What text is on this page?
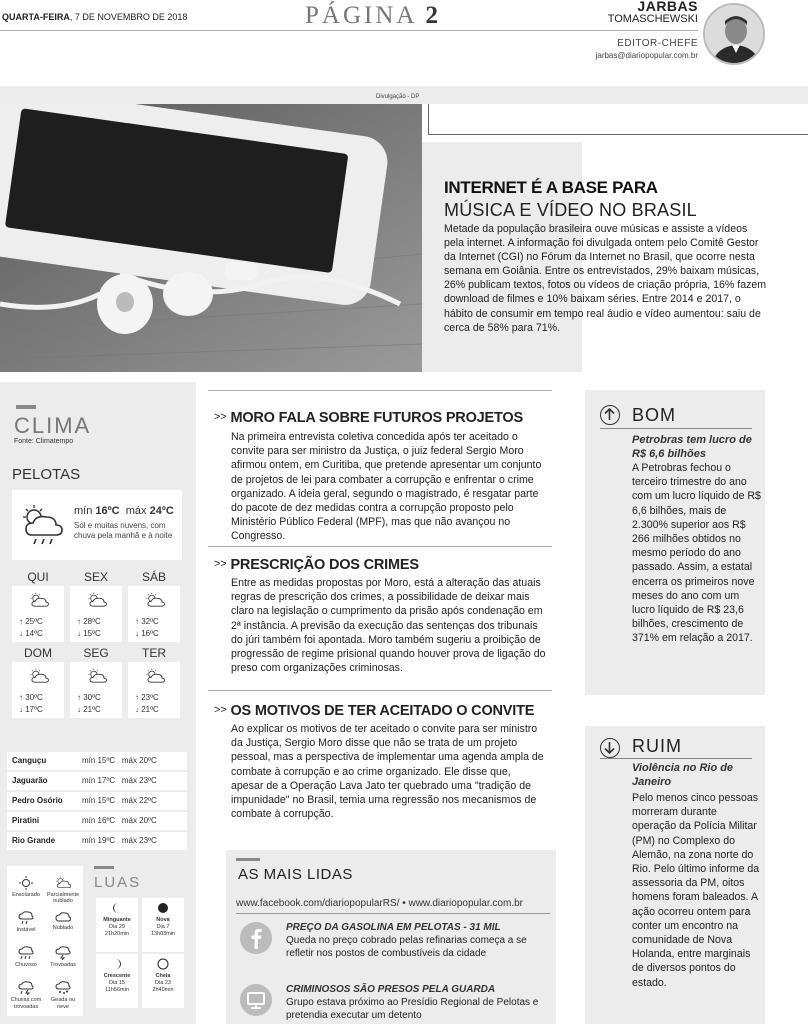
QUARTA-FEIRA, 7 DE NOVEMBRO DE 2018	PÁGINA 2	JARBAS
TOMASCHEWSKI
EDITOR-CHEFE
jarbas@diariopopular.com.br
Divulgação - DP
INTERNET É A BASE PARA
MÚSICA E VÍDEO NO BRASIL
Metade da população brasileira ouve músicas e assiste a vídeos pela internet. A informação foi divulgada ontem pelo Comitê Gestor da Internet (CGI) no Fórum da Internet no Brasil, que ocorre nesta semana em Goiânia. Entre os entrevistados, 29% baixam músicas, 26% publicam textos, fotos ou vídeos de criação própria, 16% fazem download de filmes e 10% baixam séries. Entre 2014 e 2017, o hábito de consumir em tempo real áudio e vídeo aumentou: saiu de cerca de 58% para 71%.
CLIMA
Fonte: Climatempo
PELOTAS
mín 16ºC máx 24ºC
Sol e muitas nuvens, com chuva pela manhã e à noite
QUI
↑ 25ºC
↓ 14ºC
SEX
↑ 28ºC
↓ 15ºC
SÁB
↑ 32ºC
↓ 16ºC
DOM
↑ 30ºC
↓ 17ºC
SEG
↑ 30ºC
↓ 21ºC
TER
↑ 23ºC
↓ 21ºC
Canguçu	mín 15ºC   máx 20ºC
Jaguarão	mín 17ºC   máx 23ºC
Pedro Osório mín 15ºC   máx 22ºC
Piratini	mín 16ºC   máx 20ºC
Rio Grande	mín 19ºC   máx 23ºC
Ensolarado	Parcialmente nublado
Instável	Nublado
Chuvoso	Trovoadas
Chuvas com trovoadas
Geada ou neve
LUAS
Minguante
Dia 29
21h20min
Nova
Dia 7
13h03min
Crescente
Dia 15
11h56min
Cheia
Dia 23
2h40min
>> MORO FALA SOBRE FUTUROS PROJETOS
Na primeira entrevista coletiva concedida após ter aceitado o convite para ser ministro da Justiça, o juiz federal Sergio Moro afirmou ontem, em Curitiba, que pretende apresentar um conjunto de projetos de lei para combater a corrupção e enfrentar o crime organizado. A ideia geral, segundo o magistrado, é resgatar parte do pacote de dez medidas contra a corrupção proposto pelo Ministério Público Federal (MPF), mas que não avançou no Congresso.
>> PRESCRIÇÃO DOS CRIMES
Entre as medidas propostas por Moro, está a alteração das atuais regras de prescrição dos crimes, a possibilidade de deixar mais claro na legislação o cumprimento da prisão após condenação em 2ª instância. A previsão da execução das sentenças dos tribunais do júri também foi apontada. Moro também sugeriu a proibição de progressão de regime prisional quando houver prova de ligação do preso com organizações criminosas.
>> OS MOTIVOS DE TER ACEITADO O CONVITE
Ao explicar os motivos de ter aceitado o convite para ser ministro da Justiça, Sergio Moro disse que não se trata de um projeto pessoal, mas a perspectiva de implementar uma agenda ampla de combate à corrupção e ao crime organizado. Ele disse que, apesar de a Operação Lava Jato ter quebrado uma "tradição de impunidade" no Brasil, temia uma regressão nos mecanismos de combate à corrupção.
AS MAIS LIDAS
www.facebook.com/diariopopularRS/ • www.diariopopular.com.br
PREÇO DA GASOLINA EM PELOTAS - 31 MIL
Queda no preço cobrado pelas refinarias começa a se refletir nos postos de combustíveis da cidade
CRIMINOSOS SÃO PRESOS PELA GUARDA
Grupo estava próximo ao Presídio Regional de Pelotas e pretendia executar um detento
BOM
Petrobras tem lucro de R$ 6,6 bilhões
A Petrobras fechou o terceiro trimestre do ano com um lucro líquido de R$ 6,6 bilhões, mais de 2.300% superior aos R$ 266 milhões obtidos no mesmo período do ano passado. Assim, a estatal encerra os primeiros nove meses do ano com um lucro líquido de R$ 23,6 bilhões, crescimento de 371% em relação a 2017.
RUIM
Violência no Rio de Janeiro
Pelo menos cinco pessoas morreram durante operação da Polícia Militar (PM) no Complexo do Alemão, na zona norte do Rio. Pelo último informe da assessoria da PM, oitos homens foram baleados. A ação ocorreu ontem para conter um encontro na comunidade de Nova Holanda, entre marginais de diversos pontos do estado.
